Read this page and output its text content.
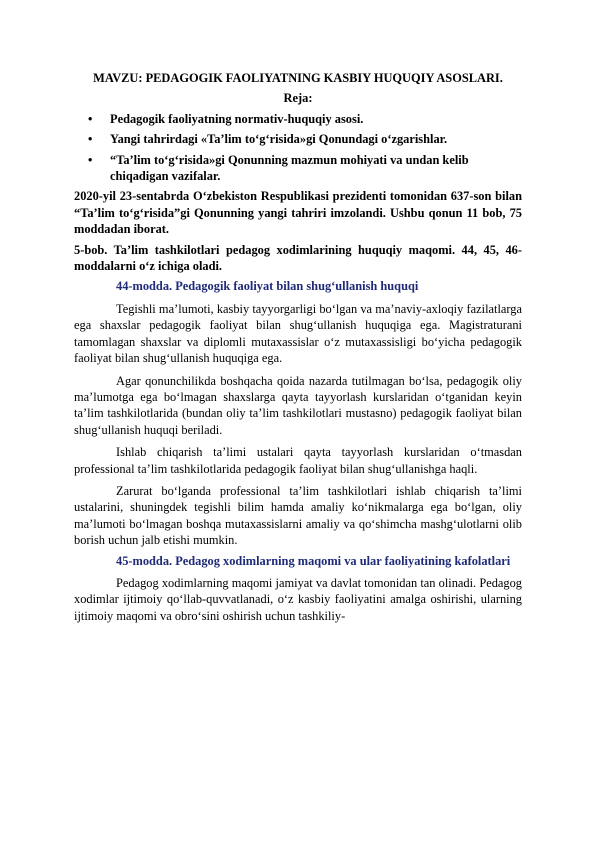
MAVZU: PEDAGOGIK FAOLIYATNING KASBIY HUQUQIY ASOSLARI.

Reja:

• Pedagogik faoliyatning normativ-huquqiy asosi.
• Yangi tahrirdagi «Ta’lim to‘g‘risida»gi Qonundagi o‘zgarishlar.
• “Ta’lim to‘g‘risida»gi Qonunning mazmun mohiyati va undan kelib chiqadigan vazifalar.

2020-yil 23-sentabrda O‘zbekiston Respublikasi prezidenti tomonidan 637-son bilan “Ta’lim to‘g‘risida”gi Qonunning yangi tahriri imzolandi. Ushbu qonun 11 bob, 75 moddadan iborat.

5-bob. Ta’lim tashkilotlari pedagog xodimlarining huquqiy maqomi. 44, 45, 46-moddalarni o‘z ichiga oladi.

44-modda. Pedagogik faoliyat bilan shug‘ullanish huquqi

Tegishli ma’lumoti, kasbiy tayyorgarligi bo‘lgan va ma’naviy-axloqiy fazilatlarga ega shaxslar pedagogik faoliyat bilan shug‘ullanish huquqiga ega. Magistraturani tamomlagan shaxslar va diplomli mutaxassislar o‘z mutaxassisligi bo‘yicha pedagogik faoliyat bilan shug‘ullanish huquqiga ega.

Agar qonunchilikda boshqacha qoida nazarda tutilmagan bo‘lsa, pedagogik oliy ma’lumotga ega bo‘lmagan shaxslarga qayta tayyorlash kurslaridan o‘tganidan keyin ta’lim tashkilotlarida (bundan oliy ta’lim tashkilotlari mustasno) pedagogik faoliyat bilan shug‘ullanish huquqi beriladi.

Ishlab chiqarish ta’limi ustalari qayta tayyorlash kurslaridan o‘tmasdan professional ta’lim tashkilotlarida pedagogik faoliyat bilan shug‘ullanishga haqli.

Zarurat bo‘lganda professional ta’lim tashkilotlari ishlab chiqarish ta’limi ustalarini, shuningdek tegishli bilim hamda amaliy ko‘nikmalarga ega bo‘lgan, oliy ma’lumoti bo‘lmagan boshqa mutaxassislarni amaliy va qo‘shimcha mashg‘ulotlarni olib borish uchun jalb etishi mumkin.

45-modda. Pedagog xodimlarning maqomi va ular faoliyatining kafolatlari

Pedagog xodimlarning maqomi jamiyat va davlat tomonidan tan olinadi. Pedagog xodimlar ijtimoiy qo‘llab-quvvatlanadi, o‘z kasbiy faoliyatini amalga oshirishi, ularning ijtimoiy maqomi va obro‘sini oshirish uchun tashkiliy-
